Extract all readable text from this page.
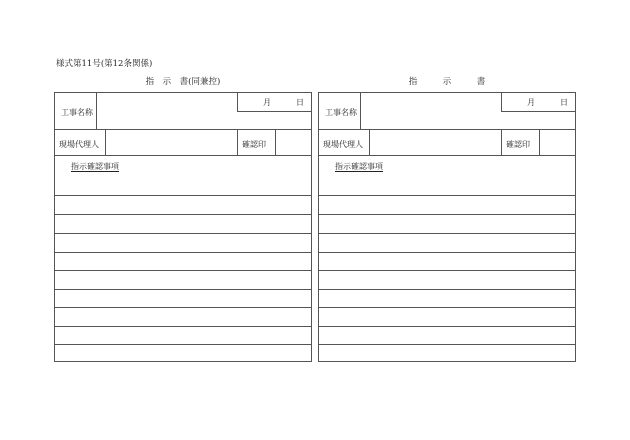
様式第11号(第12条関係)
指　示　書(同兼控)
工事名称
月	日
現場代理人	確認印
指示確認事項
指　　　示　　　書
工事名称
月	日
現場代理人	確認印
指示確認事項
